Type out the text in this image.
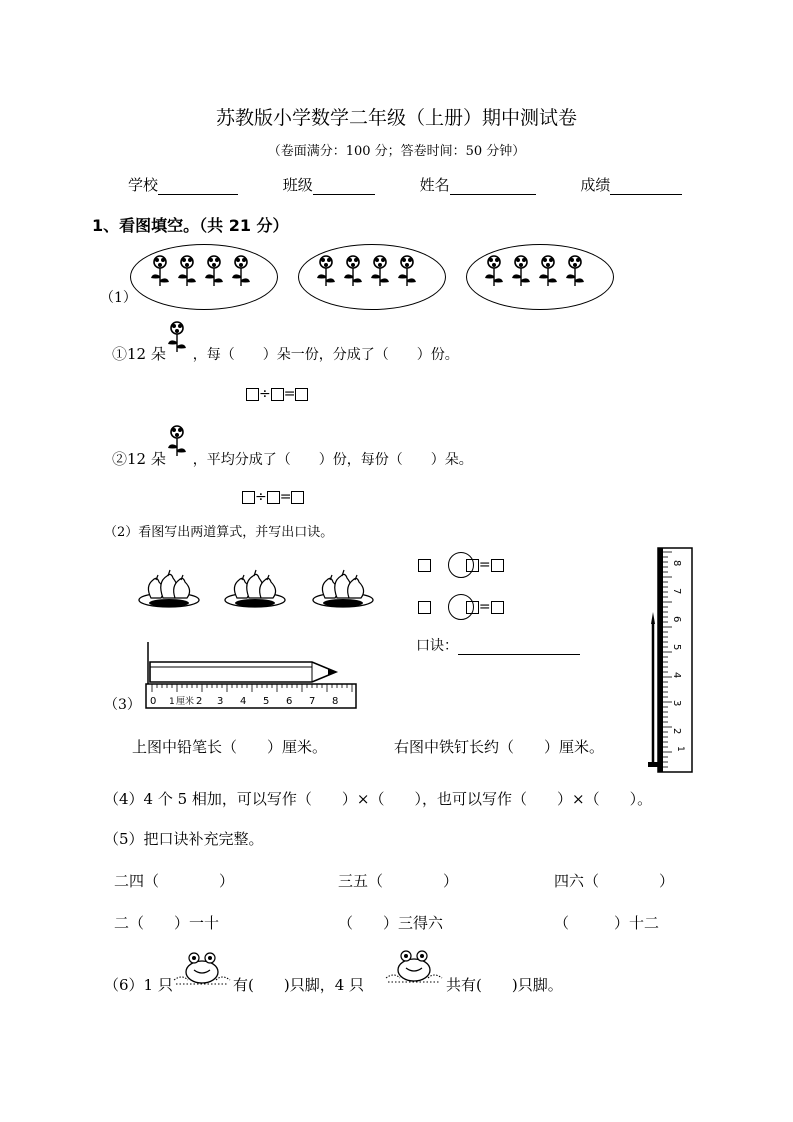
苏教版小学数学二年级（上册）期中测试卷
（卷面满分：100 分；答卷时间：50 分钟）
学校	班级	姓名	成绩
1、看图填空。（共 21 分）
（1）
①12 朵 ，每（　　）朵一份，分成了（　　）份。
÷ =
②12 朵 ，平均分成了（　　）份，每份（　　）朵。
÷ =
（2）看图写出两道算式，并写出口诀。
=
=
口诀：
（3） 0 1 厘米 2 3 4 5 6 7 8
8
7
6
5
4
3
2
1
上图中铅笔长（　　）厘米。	右图中铁钉长约（　　）厘米。
（4）4 个 5 相加，可以写作（　　）×（　　），也可以写作（　　）×（　　）。
（5）把口诀补充完整。
二四（　　　　）	三五（　　　　）	四六（　　　　）
二（　　）一十	（　　）三得六	（　　　）十二
（6）1 只	有(　　)只脚，4 只	共有(　　)只脚。
